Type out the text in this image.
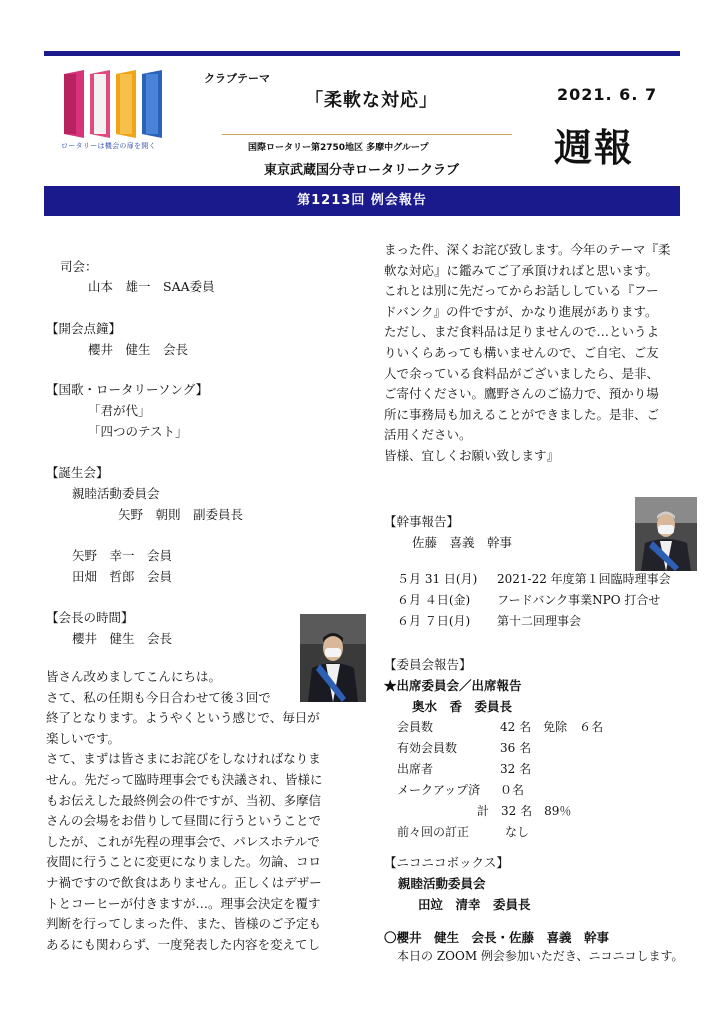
ロータリーは機会の扉を開く
クラブテーマ
「柔軟な対応」	2021. 6. 7
週報
国際ロータリー第2750地区 多摩中グループ
東京武蔵国分寺ロータリークラブ
第1213回 例会報告
司会：
山本　雄一　SAA委員
【開会点鐘】
櫻井　健生　会長
【国歌・ロータリーソング】
「君が代」
「四つのテスト」
【誕生会】
親睦活動委員会
矢野　朝則　副委員長
矢野　幸一　会員
田畑　哲郎　会員
【会長の時間】
櫻井　健生　会長
皆さん改めましてこんにちは。
さて、私の任期も今日合わせて後３回で
終了となります。ようやくという感じで、毎日が
楽しいです。
さて、まずは皆さまにお詫びをしなければなりま
せん。先だって臨時理事会でも決議され、皆様に
もお伝えした最終例会の件ですが、当初、多摩信
さんの会場をお借りして昼間に行うということで
したが、これが先程の理事会で、パレスホテルで
夜間に行うことに変更になりました。勿論、コロ
ナ禍ですので飲食はありません。正しくはデザー
トとコーヒーが付きますが…。理事会決定を覆す
判断を行ってしまった件、また、皆様のご予定も
あるにも関わらず、一度発表した内容を変えてし
まった件、深くお詫び致します。今年のテーマ『柔
軟な対応』に鑑みてご了承頂ければと思います。
これとは別に先だってからお話ししている『フー
ドバンク』の件ですが、かなり進展があります。
ただし、まだ食料品は足りませんので…というよ
りいくらあっても構いませんので、ご自宅、ご友
人で余っている食料品がございましたら、是非、
ご寄付ください。鷹野さんのご協力で、預かり場
所に事務局も加えることができました。是非、ご
活用ください。
皆様、宜しくお願い致します』
【幹事報告】
佐藤　喜義　幹事
５月 31 日(月) 2021-22 年度第１回臨時理事会
６月 ４日(金) フードバンク事業NPO 打合せ
６月 ７日(月) 第十二回理事会
【委員会報告】
★出席委員会／出席報告
奥水　香　委員長
会員数	42 名　免除　６名
有効会員数	36 名
出席者	32 名
メークアップ済 ０名
計　32 名　89％
前々回の訂正	なし
【ニコニコボックス】
親睦活動委員会
田竝　清幸　委員長
〇櫻井　健生　会長・佐藤　喜義　幹事
本日の ZOOM 例会参加いただき、ニコニコします。
